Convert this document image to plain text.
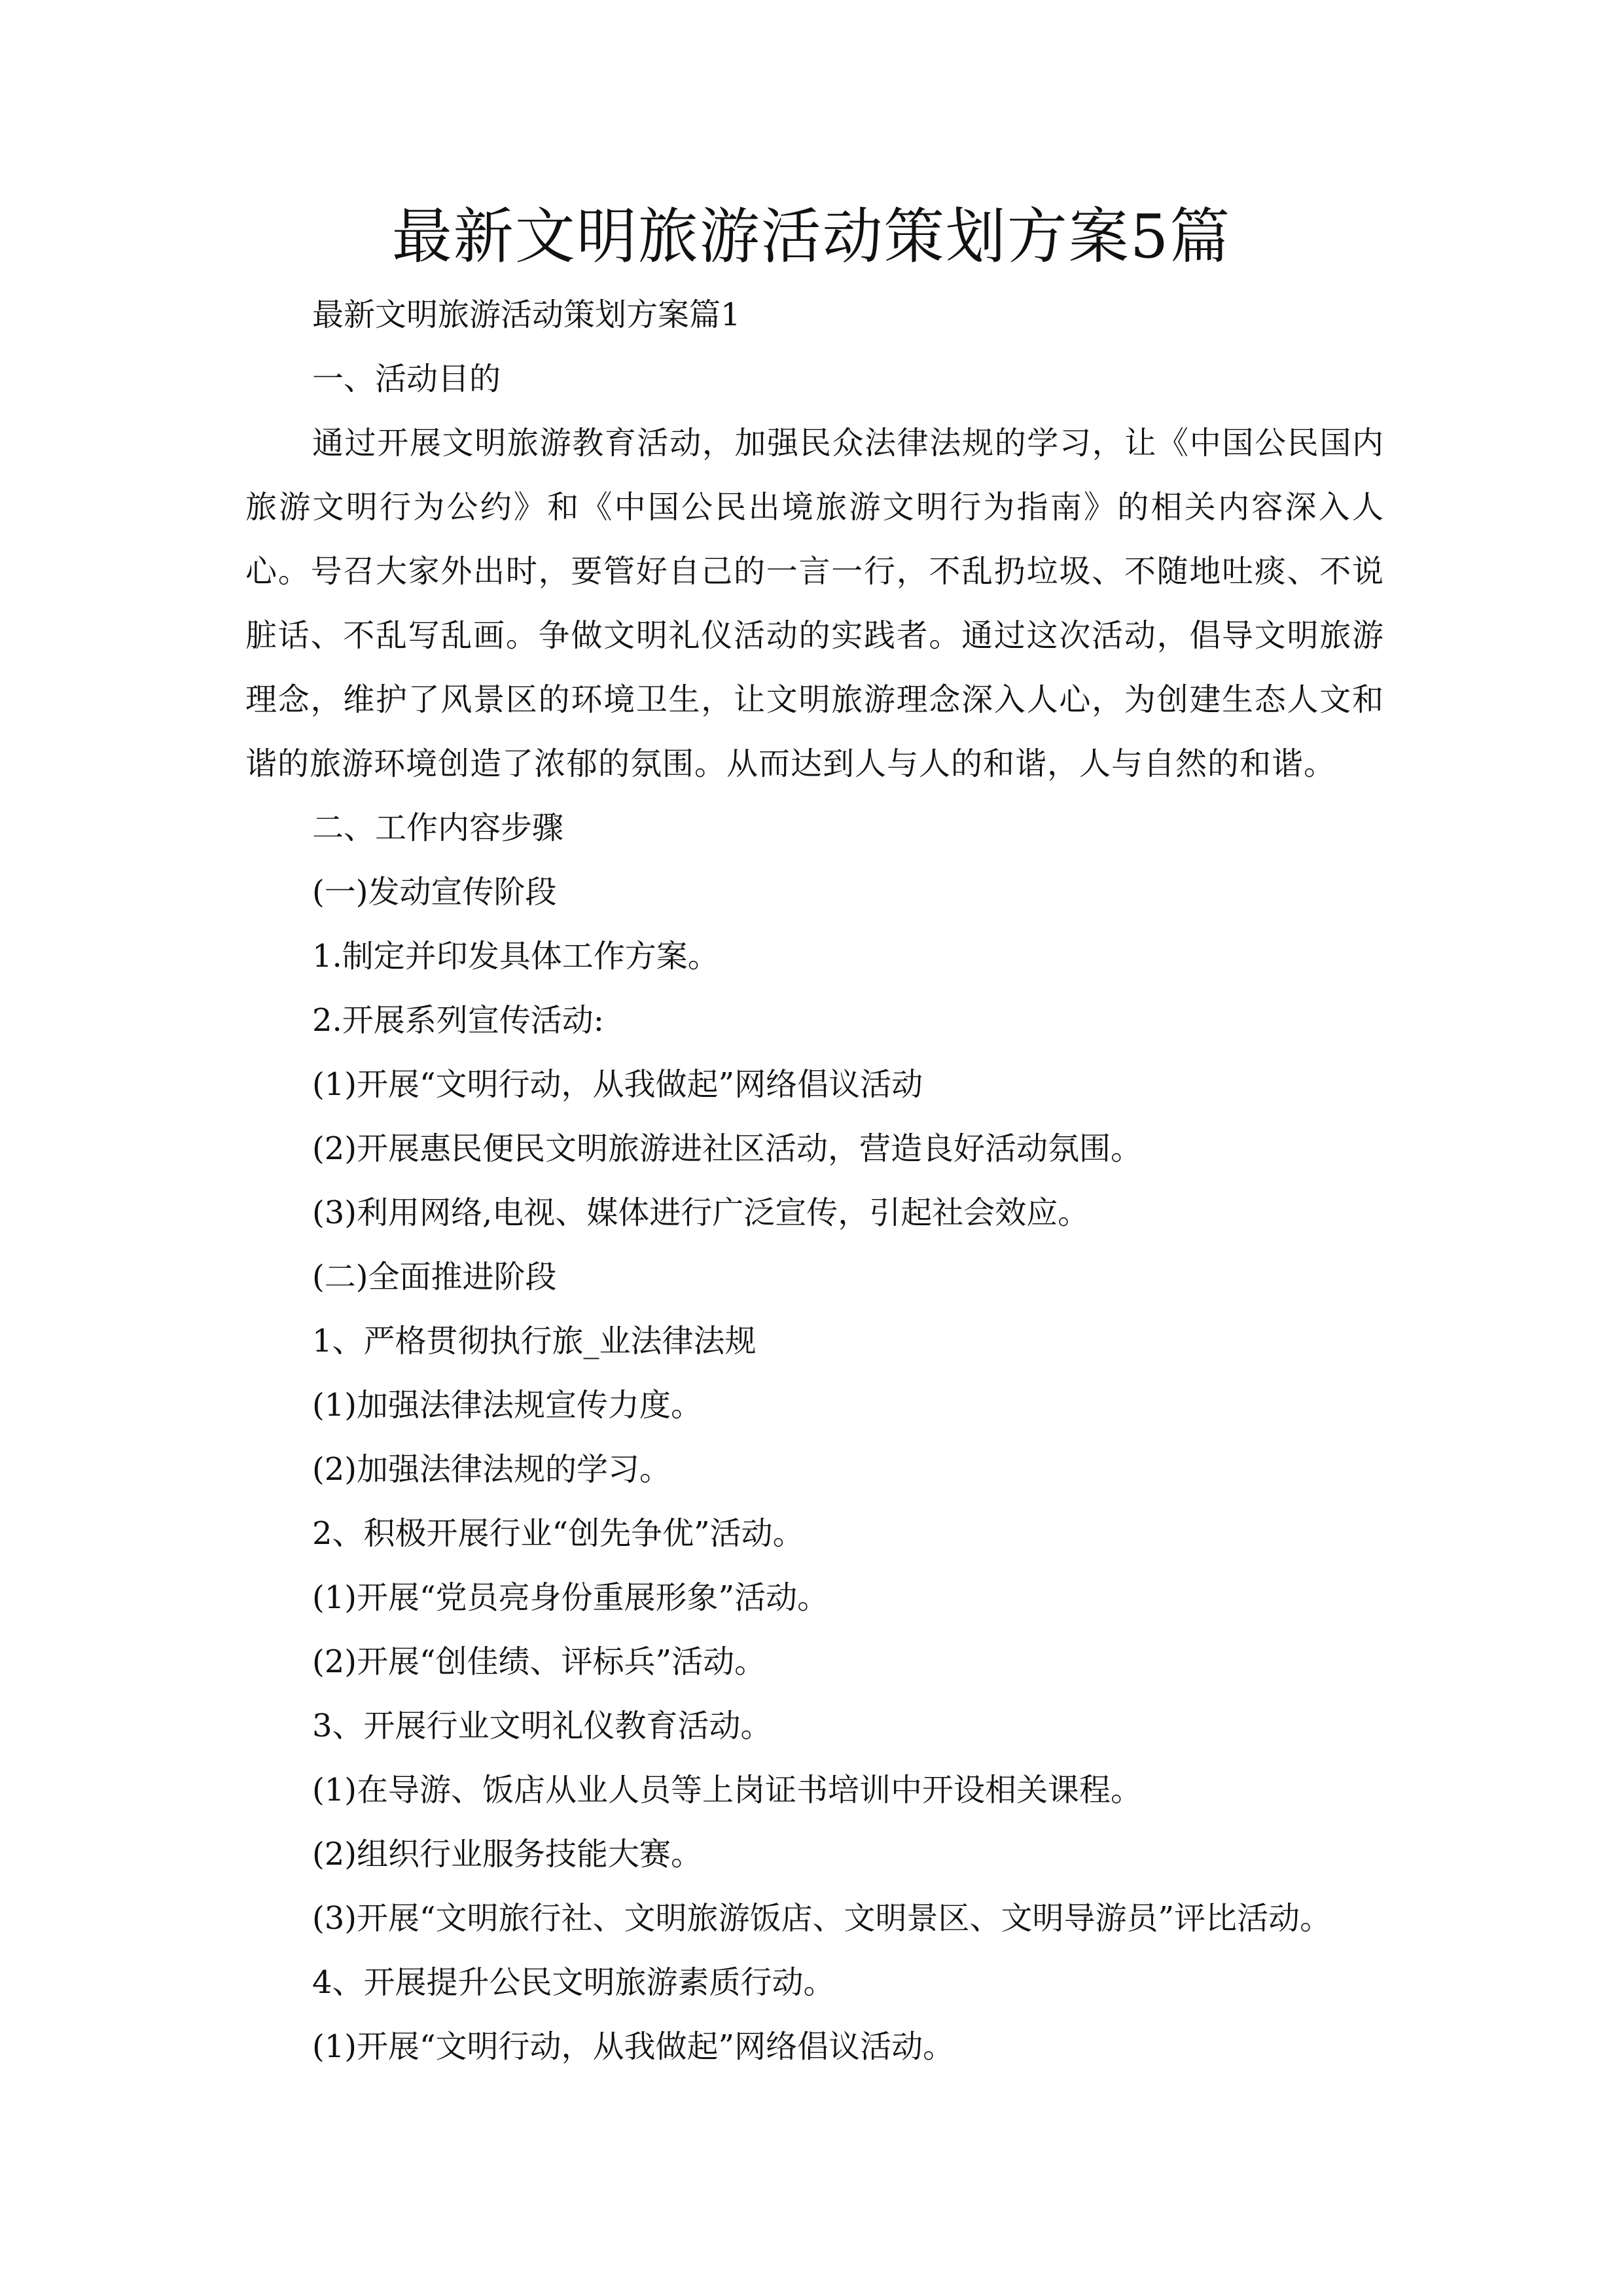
最新文明旅游活动策划方案5篇

最新文明旅游活动策划方案篇1

一、活动目的

通过开展文明旅游教育活动，加强民众法律法规的学习，让《中国公民国内旅游文明行为公约》和《中国公民出境旅游文明行为指南》的相关内容深入人心。号召大家外出时，要管好自己的一言一行，不乱扔垃圾、不随地吐痰、不说脏话、不乱写乱画。争做文明礼仪活动的实践者。通过这次活动，倡导文明旅游理念，维护了风景区的环境卫生，让文明旅游理念深入人心，为创建生态人文和谐的旅游环境创造了浓郁的氛围。从而达到人与人的和谐，人与自然的和谐。

二、工作内容步骤

(一)发动宣传阶段

1.制定并印发具体工作方案。

2.开展系列宣传活动:

(1)开展“文明行动，从我做起”网络倡议活动

(2)开展惠民便民文明旅游进社区活动，营造良好活动氛围。

(3)利用网络,电视、媒体进行广泛宣传，引起社会效应。

(二)全面推进阶段

1、严格贯彻执行旅_业法律法规

(1)加强法律法规宣传力度。

(2)加强法律法规的学习。

2、积极开展行业“创先争优”活动。

(1)开展“党员亮身份重展形象”活动。

(2)开展“创佳绩、评标兵”活动。

3、开展行业文明礼仪教育活动。

(1)在导游、饭店从业人员等上岗证书培训中开设相关课程。

(2)组织行业服务技能大赛。

(3)开展“文明旅行社、文明旅游饭店、文明景区、文明导游员”评比活动。

4、开展提升公民文明旅游素质行动。

(1)开展“文明行动，从我做起”网络倡议活动。
